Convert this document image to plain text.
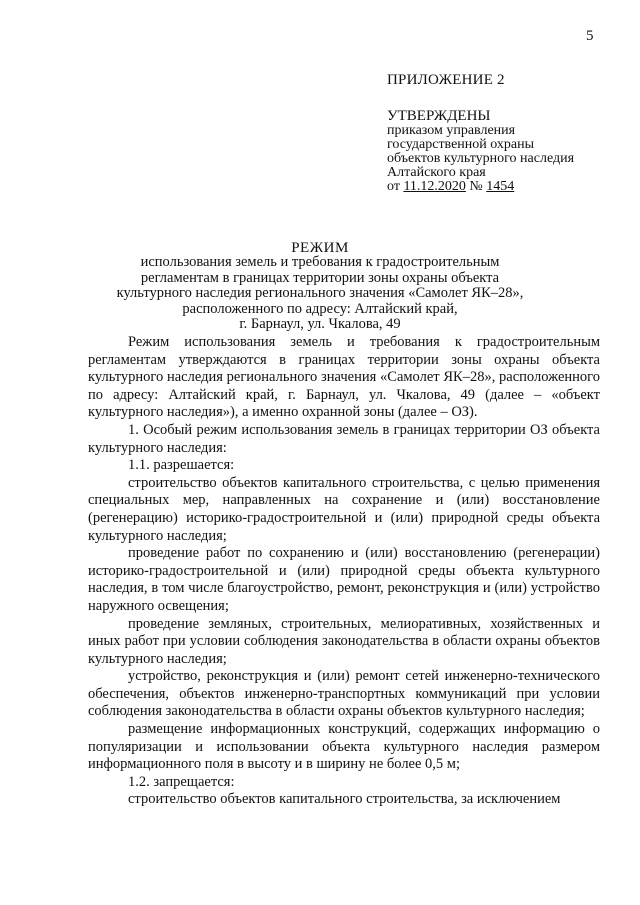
5
ПРИЛОЖЕНИЕ 2
УТВЕРЖДЕНЫ
приказом управления
государственной охраны
объектов культурного наследия
Алтайского края
от 11.12.2020 № 1454
РЕЖИМ
использования земель и требования к градостроительным
регламентам в границах территории зоны охраны объекта
культурного наследия регионального значения «Самолет ЯК–28»,
расположенного по адресу: Алтайский край,
г. Барнаул, ул. Чкалова, 49

Режим использования земель и требования к градостроительным регламентам утверждаются в границах территории зоны охраны объекта культурного наследия регионального значения «Самолет ЯК–28», расположенного по адресу: Алтайский край, г. Барнаул, ул. Чкалова, 49 (далее – «объект культурного наследия»), а именно охранной зоны (далее – ОЗ).

1. Особый режим использования земель в границах территории ОЗ объекта культурного наследия:

1.1. разрешается:

строительство объектов капитального строительства, с целью применения специальных мер, направленных на сохранение и (или) восстановление (регенерацию) историко-градостроительной и (или) природной среды объекта культурного наследия;

проведение работ по сохранению и (или) восстановлению (регенерации) историко-градостроительной и (или) природной среды объекта культурного наследия, в том числе благоустройство, ремонт, реконструкция и (или) устройство наружного освещения;

проведение земляных, строительных, мелиоративных, хозяйственных и иных работ при условии соблюдения законодательства в области охраны объектов культурного наследия;

устройство, реконструкция и (или) ремонт сетей инженерно-технического обеспечения, объектов инженерно-транспортных коммуникаций при условии соблюдения законодательства в области охраны объектов культурного наследия;

размещение информационных конструкций, содержащих информацию о популяризации и использовании объекта культурного наследия размером информационного поля в высоту и в ширину не более 0,5 м;

1.2. запрещается:

строительство объектов капитального строительства, за исключением
